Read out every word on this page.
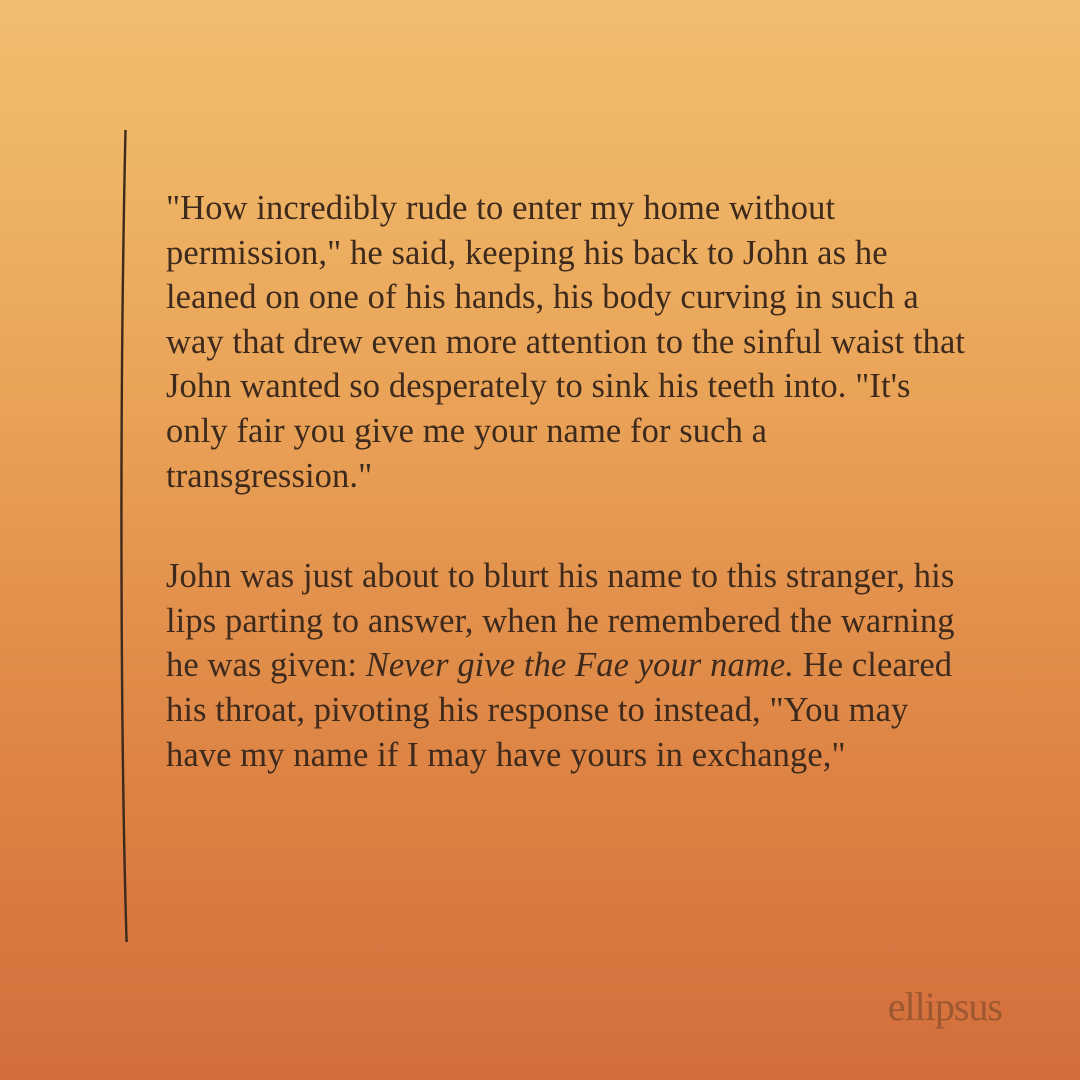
"How incredibly rude to enter my home without permission," he said, keeping his back to John as he leaned on one of his hands, his body curving in such a way that drew even more attention to the sinful waist that John wanted so desperately to sink his teeth into. "It's only fair you give me your name for such a transgression."

John was just about to blurt his name to this stranger, his lips parting to answer, when he remembered the warning he was given: Never give the Fae your name. He cleared his throat, pivoting his response to instead, "You may have my name if I may have yours in exchange,"

ellipsus
